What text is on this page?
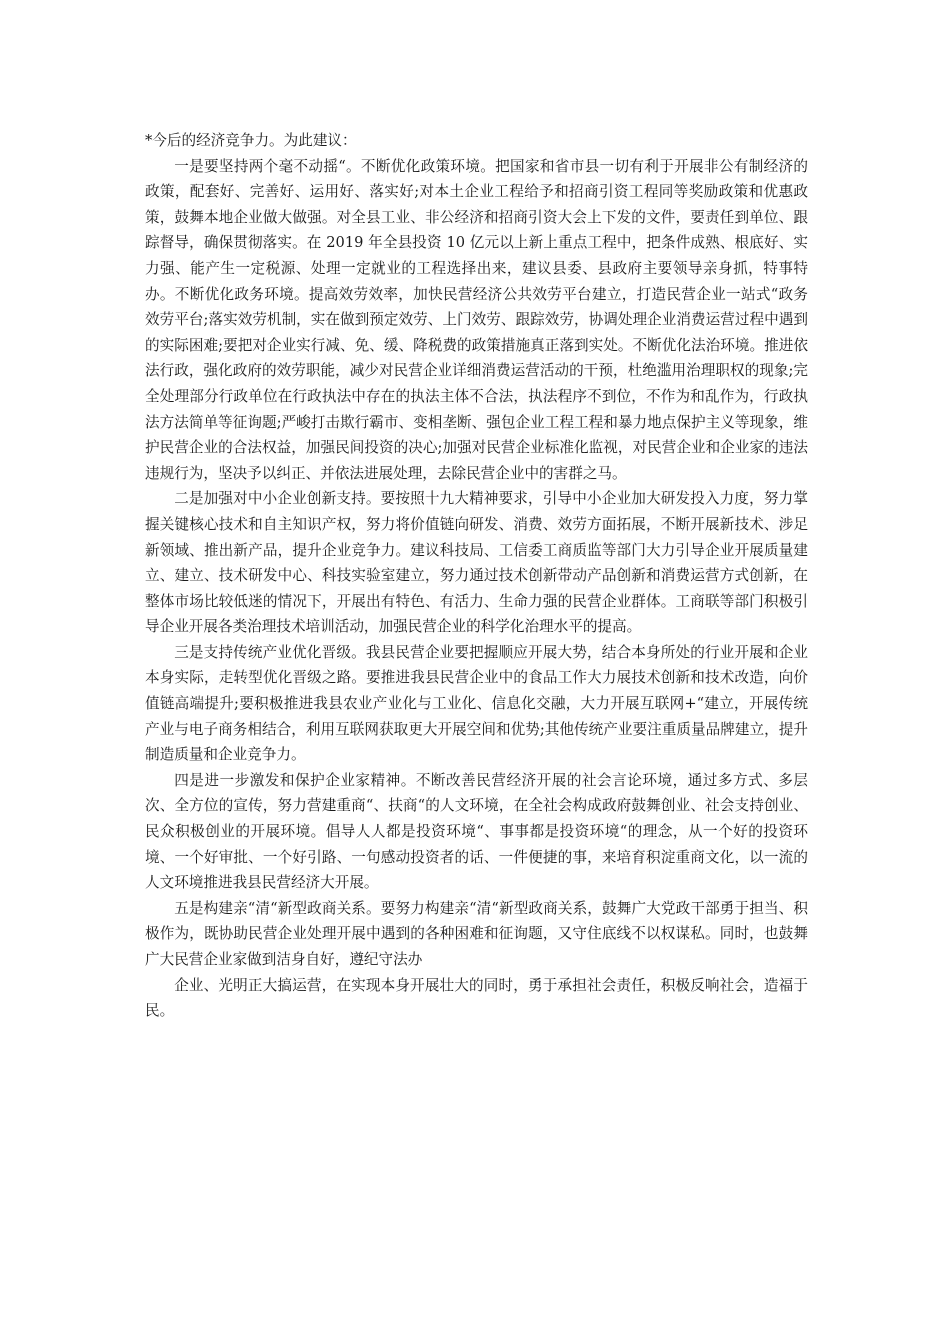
*今后的经济竞争力。为此建议：

一是要坚持两个毫不动摇“。不断优化政策环境。把国家和省市县一切有利于开展非公有制经济的政策，配套好、完善好、运用好、落实好;对本土企业工程给予和招商引资工程同等奖励政策和优惠政策，鼓舞本地企业做大做强。对全县工业、非公经济和招商引资大会上下发的文件，要责任到单位、跟踪督导，确保贯彻落实。在 2019 年全县投资 10 亿元以上新上重点工程中，把条件成熟、根底好、实力强、能产生一定税源、处理一定就业的工程选择出来，建议县委、县政府主要领导亲身抓，特事特办。不断优化政务环境。提高效劳效率，加快民营经济公共效劳平台建立，打造民营企业一站式“政务效劳平台;落实效劳机制，实在做到预定效劳、上门效劳、跟踪效劳，协调处理企业消费运营过程中遇到的实际困难;要把对企业实行减、免、缓、降税费的政策措施真正落到实处。不断优化法治环境。推进依法行政，强化政府的效劳职能，减少对民营企业详细消费运营活动的干预，杜绝滥用治理职权的现象;完全处理部分行政单位在行政执法中存在的执法主体不合法，执法程序不到位，不作为和乱作为，行政执法方法简单等征询题;严峻打击欺行霸市、变相垄断、强包企业工程工程和暴力地点保护主义等现象，维护民营企业的合法权益，加强民间投资的决心;加强对民营企业标准化监视，对民营企业和企业家的违法违规行为，坚决予以纠正、并依法进展处理，去除民营企业中的害群之马。

二是加强对中小企业创新支持。要按照十九大精神要求，引导中小企业加大研发投入力度，努力掌握关键核心技术和自主知识产权，努力将价值链向研发、消费、效劳方面拓展，不断开展新技术、涉足新领域、推出新产品，提升企业竞争力。建议科技局、工信委工商质监等部门大力引导企业开展质量建立、建立、技术研发中心、科技实验室建立，努力通过技术创新带动产品创新和消费运营方式创新，在整体市场比较低迷的情况下，开展出有特色、有活力、生命力强的民营企业群体。工商联等部门积极引导企业开展各类治理技术培训活动，加强民营企业的科学化治理水平的提高。

三是支持传统产业优化晋级。我县民营企业要把握顺应开展大势，结合本身所处的行业开展和企业本身实际，走转型优化晋级之路。要推进我县民营企业中的食品工作大力展技术创新和技术改造，向价值链高端提升;要积极推进我县农业产业化与工业化、信息化交融，大力开展互联网+“建立，开展传统产业与电子商务相结合，利用互联网获取更大开展空间和优势;其他传统产业要注重质量品牌建立，提升制造质量和企业竞争力。

四是进一步激发和保护企业家精神。不断改善民营经济开展的社会言论环境，通过多方式、多层次、全方位的宣传，努力营建重商“、扶商“的人文环境，在全社会构成政府鼓舞创业、社会支持创业、民众积极创业的开展环境。倡导人人都是投资环境“、事事都是投资环境“的理念，从一个好的投资环境、一个好审批、一个好引路、一句感动投资者的话、一件便捷的事，来培育积淀重商文化，以一流的人文环境推进我县民营经济大开展。

五是构建亲“清“新型政商关系。要努力构建亲“清“新型政商关系，鼓舞广大党政干部勇于担当、积极作为，既协助民营企业处理开展中遇到的各种困难和征询题，又守住底线不以权谋私。同时，也鼓舞广大民营企业家做到洁身自好，遵纪守法办

企业、光明正大搞运营，在实现本身开展壮大的同时，勇于承担社会责任，积极反响社会，造福于民。
